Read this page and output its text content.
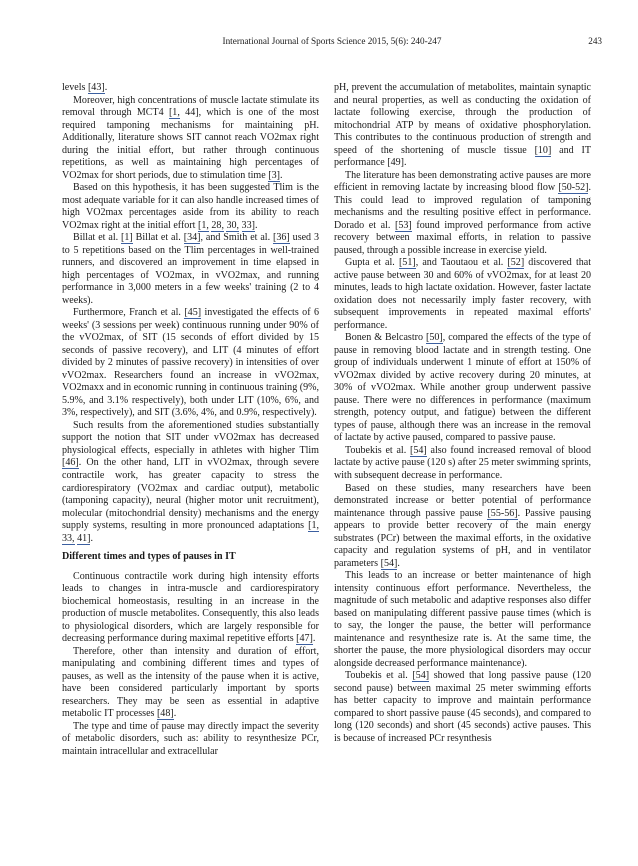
International Journal of Sports Science 2015, 5(6): 240-247	243

levels [43].

Moreover, high concentrations of muscle lactate stimulate its removal through MCT4 [1, 44], which is one of the most required tamponing mechanisms for maintaining pH. Additionally, literature shows SIT cannot reach VO2max right during the initial effort, but rather through continuous repetitions, as well as maintaining high percentages of VO2max for short periods, due to stimulation time [3].

Based on this hypothesis, it has been suggested Tlim is the most adequate variable for it can also handle increased times of high VO2max percentages aside from its ability to reach VO2max right at the initial effort [1, 28, 30, 33].

Billat et al. [1] Billat et al. [34], and Smith et al. [36] used 3 to 5 repetitions based on the Tlim percentages in well-trained runners, and discovered an improvement in time elapsed in high percentages of VO2max, in vVO2max, and running performance in 3,000 meters in a few weeks' training (2 to 4 weeks).

Furthermore, Franch et al. [45] investigated the effects of 6 weeks' (3 sessions per week) continuous running under 90% of the vVO2max, of SIT (15 seconds of effort divided by 15 seconds of passive recovery), and LIT (4 minutes of effort divided by 2 minutes of passive recovery) in intensities of over vVO2max. Researchers found an increase in vVO2max, VO2maxx and in economic running in continuous training (9%, 5.9%, and 3.1% respectively), both under LIT (10%, 6%, and 3%, respectively), and SIT (3.6%, 4%, and 0.9%, respectively).

Such results from the aforementioned studies substantially support the notion that SIT under vVO2max has decreased physiological effects, especially in athletes with higher Tlim [46]. On the other hand, LIT in vVO2max, through severe contractile work, has greater capacity to stress the cardiorespiratory (VO2max and cardiac output), metabolic (tamponing capacity), neural (higher motor unit recruitment), molecular (mitochondrial density) mechanisms and the energy supply systems, resulting in more pronounced adaptations [1, 33, 41].

Different times and types of pauses in IT

Continuous contractile work during high intensity efforts leads to changes in intra-muscle and cardiorespiratory biochemical homeostasis, resulting in an increase in the production of muscle metabolites. Consequently, this also leads to physiological disorders, which are largely responsible for decreasing performance during maximal repetitive efforts [47].

Therefore, other than intensity and duration of effort, manipulating and combining different times and types of pauses, as well as the intensity of the pause when it is active, have been considered particularly important by sports researchers. They may be seen as essential in adaptive metabolic IT processes [48].

The type and time of pause may directly impact the severity of metabolic disorders, such as: ability to resynthesize PCr, maintain intracellular and extracellular

pH, prevent the accumulation of metabolites, maintain synaptic and neural properties, as well as conducting the oxidation of lactate following exercise, through the production of mitochondrial ATP by means of oxidative phosphorylation. This contributes to the continuous production of strength and speed of the shortening of muscle tissue [10] and IT performance [49].

The literature has been demonstrating active pauses are more efficient in removing lactate by increasing blood flow [50-52]. This could lead to improved regulation of tamponing mechanisms and the resulting positive effect in performance. Dorado et al. [53] found improved performance from active recovery between maximal efforts, in relation to passive paused, through a possible increase in exercise yield.

Gupta et al. [51], and Taoutaou et al. [52] discovered that active pause between 30 and 60% of vVO2max, for at least 20 minutes, leads to high lactate oxidation. However, faster lactate oxidation does not necessarily imply faster recovery, with subsequent improvements in repeated maximal efforts' performance.

Bonen & Belcastro [50], compared the effects of the type of pause in removing blood lactate and in strength testing. One group of individuals underwent 1 minute of effort at 150% of vVO2max divided by active recovery during 20 minutes, at 30% of vVO2max. While another group underwent passive pause. There were no differences in performance (maximum strength, potency output, and fatigue) between the different types of pause, although there was an increase in the removal of lactate by active paused, compared to passive pause.

Toubekis et al. [54] also found increased removal of blood lactate by active pause (120 s) after 25 meter swimming sprints, with subsequent decrease in performance.

Based on these studies, many researchers have been demonstrated increase or better potential of performance maintenance through passive pause [55-56]. Passive pausing appears to provide better recovery of the main energy substrates (PCr) between the maximal efforts, in the oxidative capacity and regulation systems of pH, and in ventilator parameters [54].

This leads to an increase or better maintenance of high intensity continuous effort performance. Nevertheless, the magnitude of such metabolic and adaptive responses also differ based on manipulating different passive pause times (which is to say, the longer the pause, the better will performance maintenance and resynthesize rate is. At the same time, the shorter the pause, the more physiological disorders may occur alongside decreased performance maintenance).

Toubekis et al. [54] showed that long passive pause (120 second pause) between maximal 25 meter swimming efforts has better capacity to improve and maintain performance compared to short passive pause (45 seconds), and compared to long (120 seconds) and short (45 seconds) active pauses. This is because of increased PCr resynthesis
